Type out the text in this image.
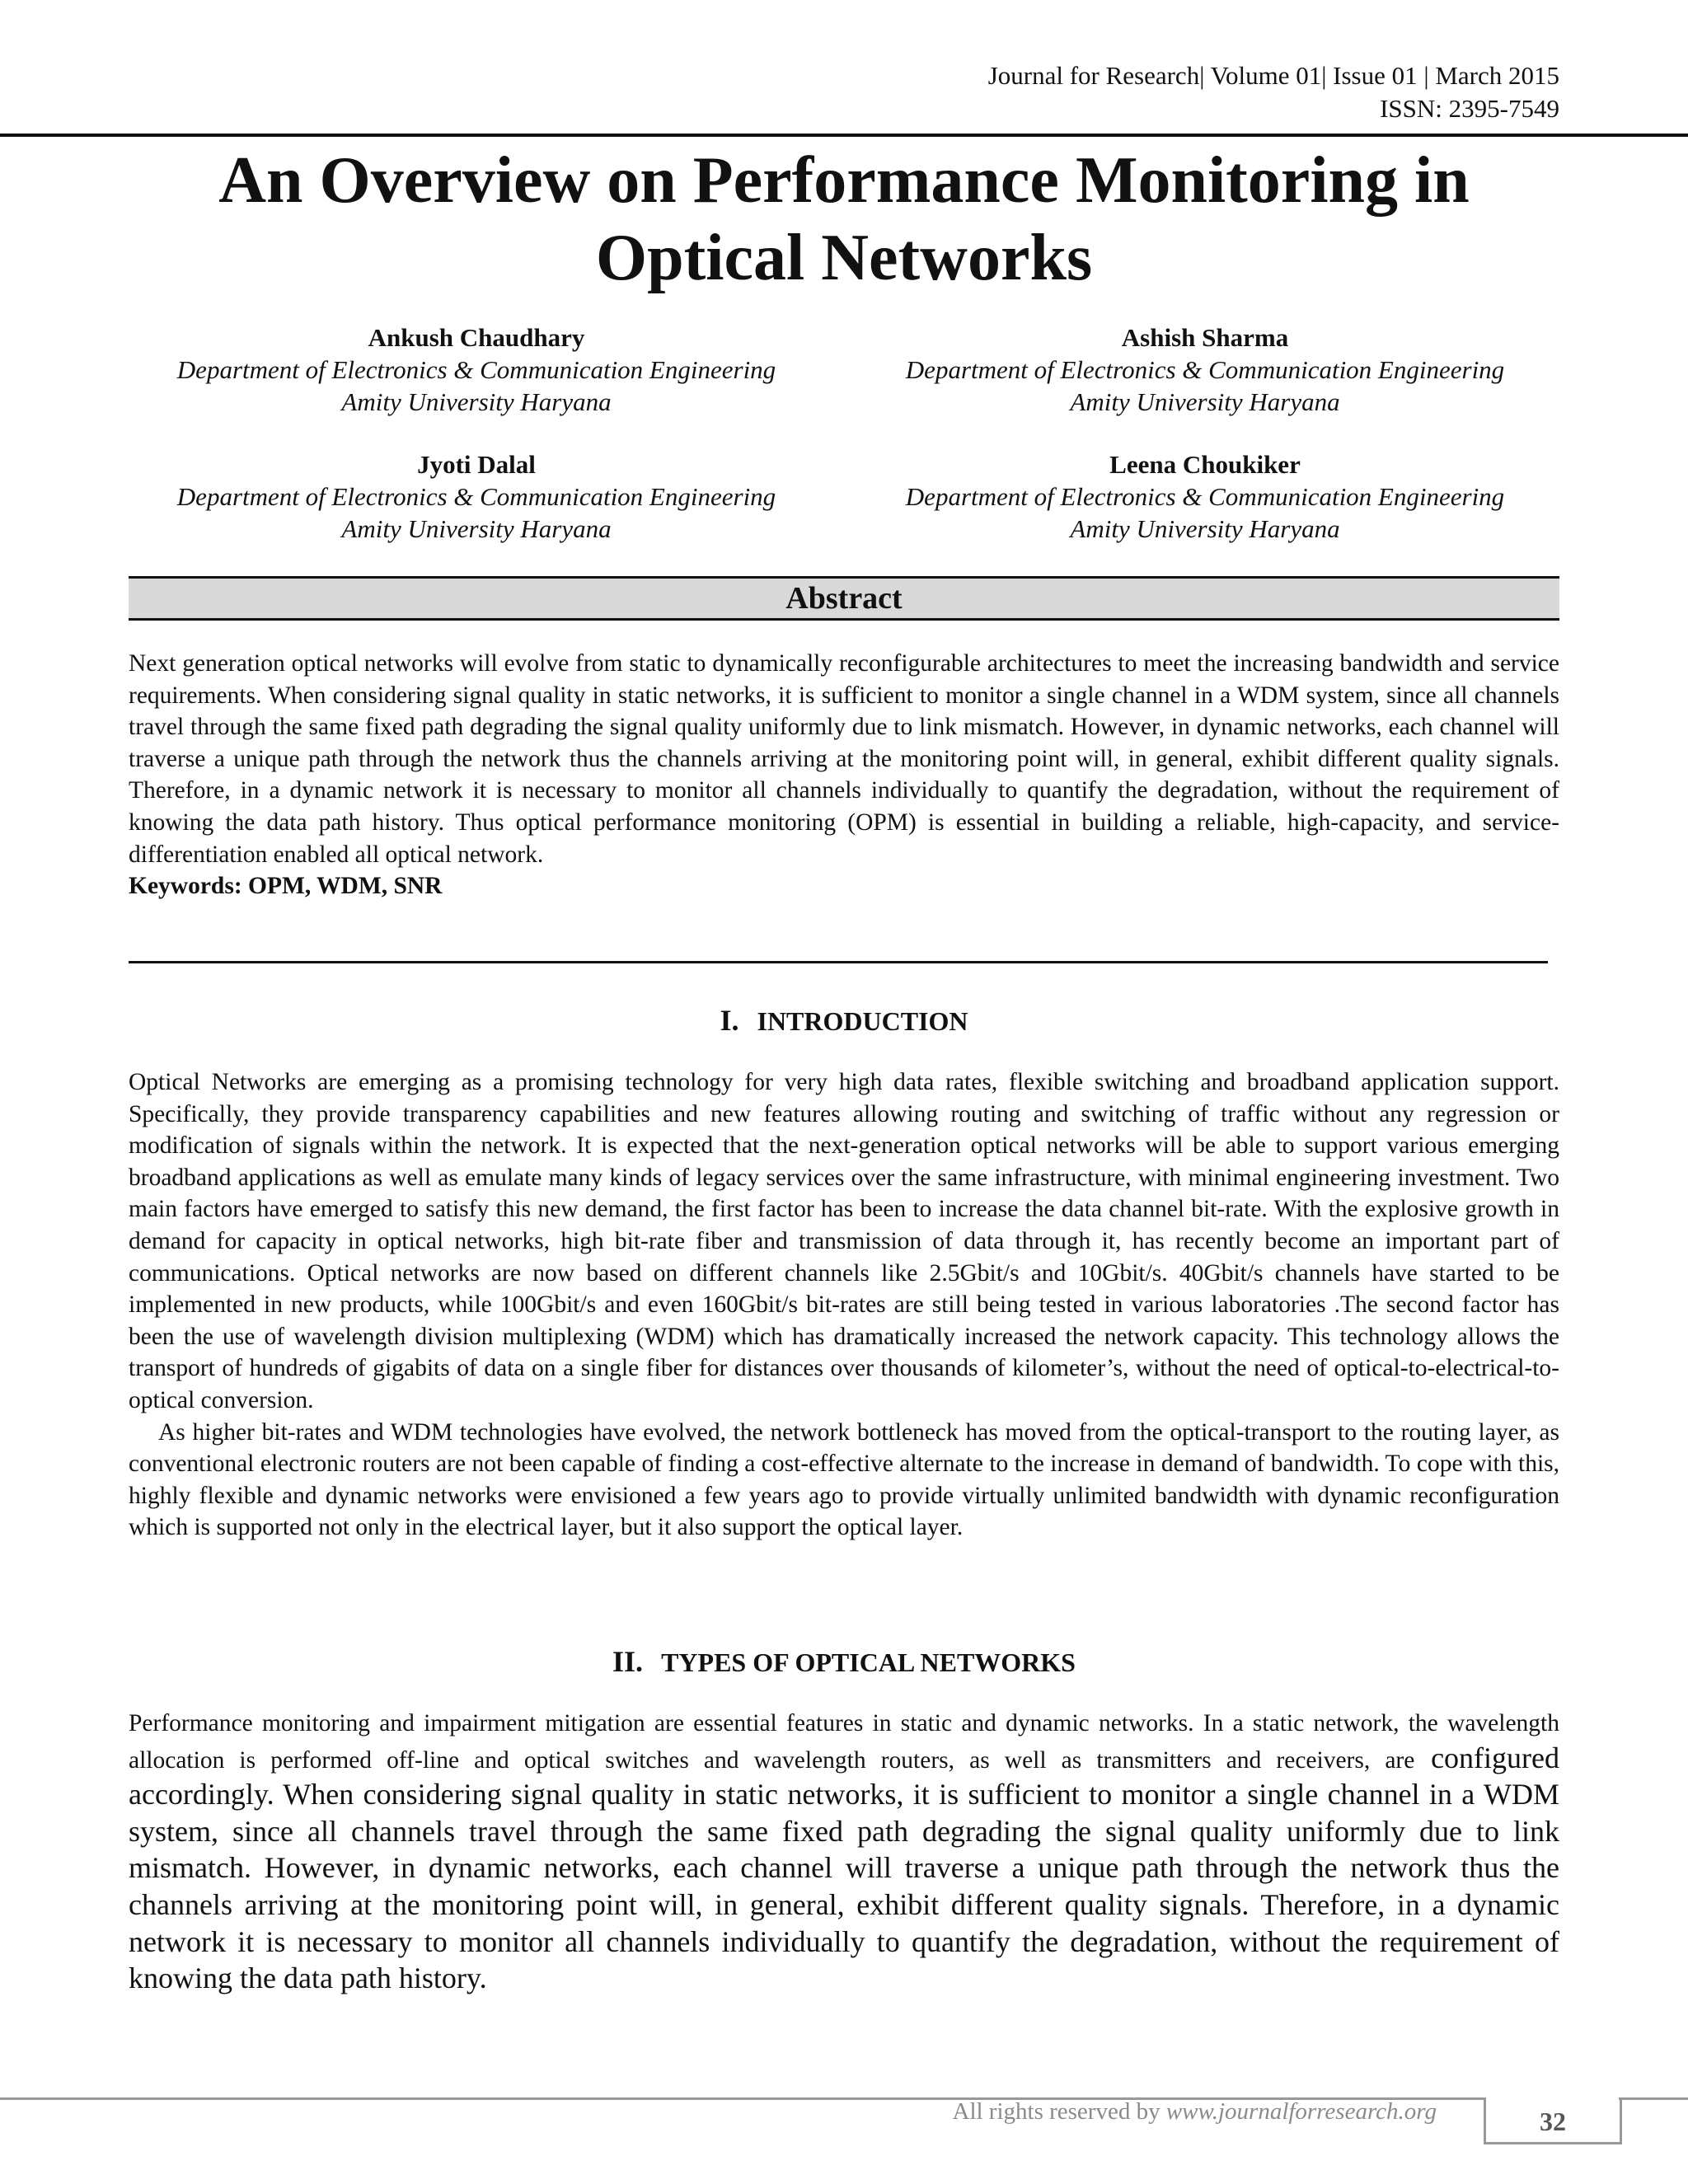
Journal for Research| Volume 01| Issue 01 | March 2015
ISSN: 2395-7549
An Overview on Performance Monitoring in
Optical Networks
Ankush Chaudhary
Department of Electronics & Communication Engineering
Amity University Haryana
Ashish Sharma
Department of Electronics & Communication Engineering
Amity University Haryana
Jyoti Dalal
Department of Electronics & Communication Engineering
Amity University Haryana
Leena Choukiker
Department of Electronics & Communication Engineering
Amity University Haryana
Abstract

Next generation optical networks will evolve from static to dynamically reconfigurable architectures to meet the increasing bandwidth and service requirements. When considering signal quality in static networks, it is sufficient to monitor a single channel in a WDM system, since all channels travel through the same fixed path degrading the signal quality uniformly due to link mismatch. However, in dynamic networks, each channel will traverse a unique path through the network thus the channels arriving at the monitoring point will, in general, exhibit different quality signals. Therefore, in a dynamic network it is necessary to monitor all channels individually to quantify the degradation, without the requirement of knowing the data path history. Thus optical performance monitoring (OPM) is essential in building a reliable, high-capacity, and service-differentiation enabled all optical network.

Keywords: OPM, WDM, SNR

I. INTRODUCTION

Optical Networks are emerging as a promising technology for very high data rates, flexible switching and broadband application support. Specifically, they provide transparency capabilities and new features allowing routing and switching of traffic without any regression or modification of signals within the network. It is expected that the next-generation optical networks will be able to support various emerging broadband applications as well as emulate many kinds of legacy services over the same infrastructure, with minimal engineering investment. Two main factors have emerged to satisfy this new demand, the first factor has been to increase the data channel bit-rate. With the explosive growth in demand for capacity in optical networks, high bit-rate fiber and transmission of data through it, has recently become an important part of communications. Optical networks are now based on different channels like 2.5Gbit/s and 10Gbit/s. 40Gbit/s channels have started to be implemented in new products, while 100Gbit/s and even 160Gbit/s bit-rates are still being tested in various laboratories .The second factor has been the use of wavelength division multiplexing (WDM) which has dramatically increased the network capacity. This technology allows the transport of hundreds of gigabits of data on a single fiber for distances over thousands of kilometer’s, without the need of optical-to-electrical-to-optical conversion.

As higher bit-rates and WDM technologies have evolved, the network bottleneck has moved from the optical-transport to the routing layer, as conventional electronic routers are not been capable of finding a cost-effective alternate to the increase in demand of bandwidth. To cope with this, highly flexible and dynamic networks were envisioned a few years ago to provide virtually unlimited bandwidth with dynamic reconfiguration which is supported not only in the electrical layer, but it also support the optical layer.

II. TYPES OF OPTICAL NETWORKS

Performance monitoring and impairment mitigation are essential features in static and dynamic networks. In a static network, the wavelength allocation is performed off-line and optical switches and wavelength routers, as well as transmitters and receivers, are configured accordingly. When considering signal quality in static networks, it is sufficient to monitor a single channel in a WDM system, since all channels travel through the same fixed path degrading the signal quality uniformly due to link mismatch. However, in dynamic networks, each channel will traverse a unique path through the network thus the channels arriving at the monitoring point will, in general, exhibit different quality signals. Therefore, in a dynamic network it is necessary to monitor all channels individually to quantify the degradation, without the requirement of knowing the data path history.

All rights reserved by www.journalforresearch.org	32
